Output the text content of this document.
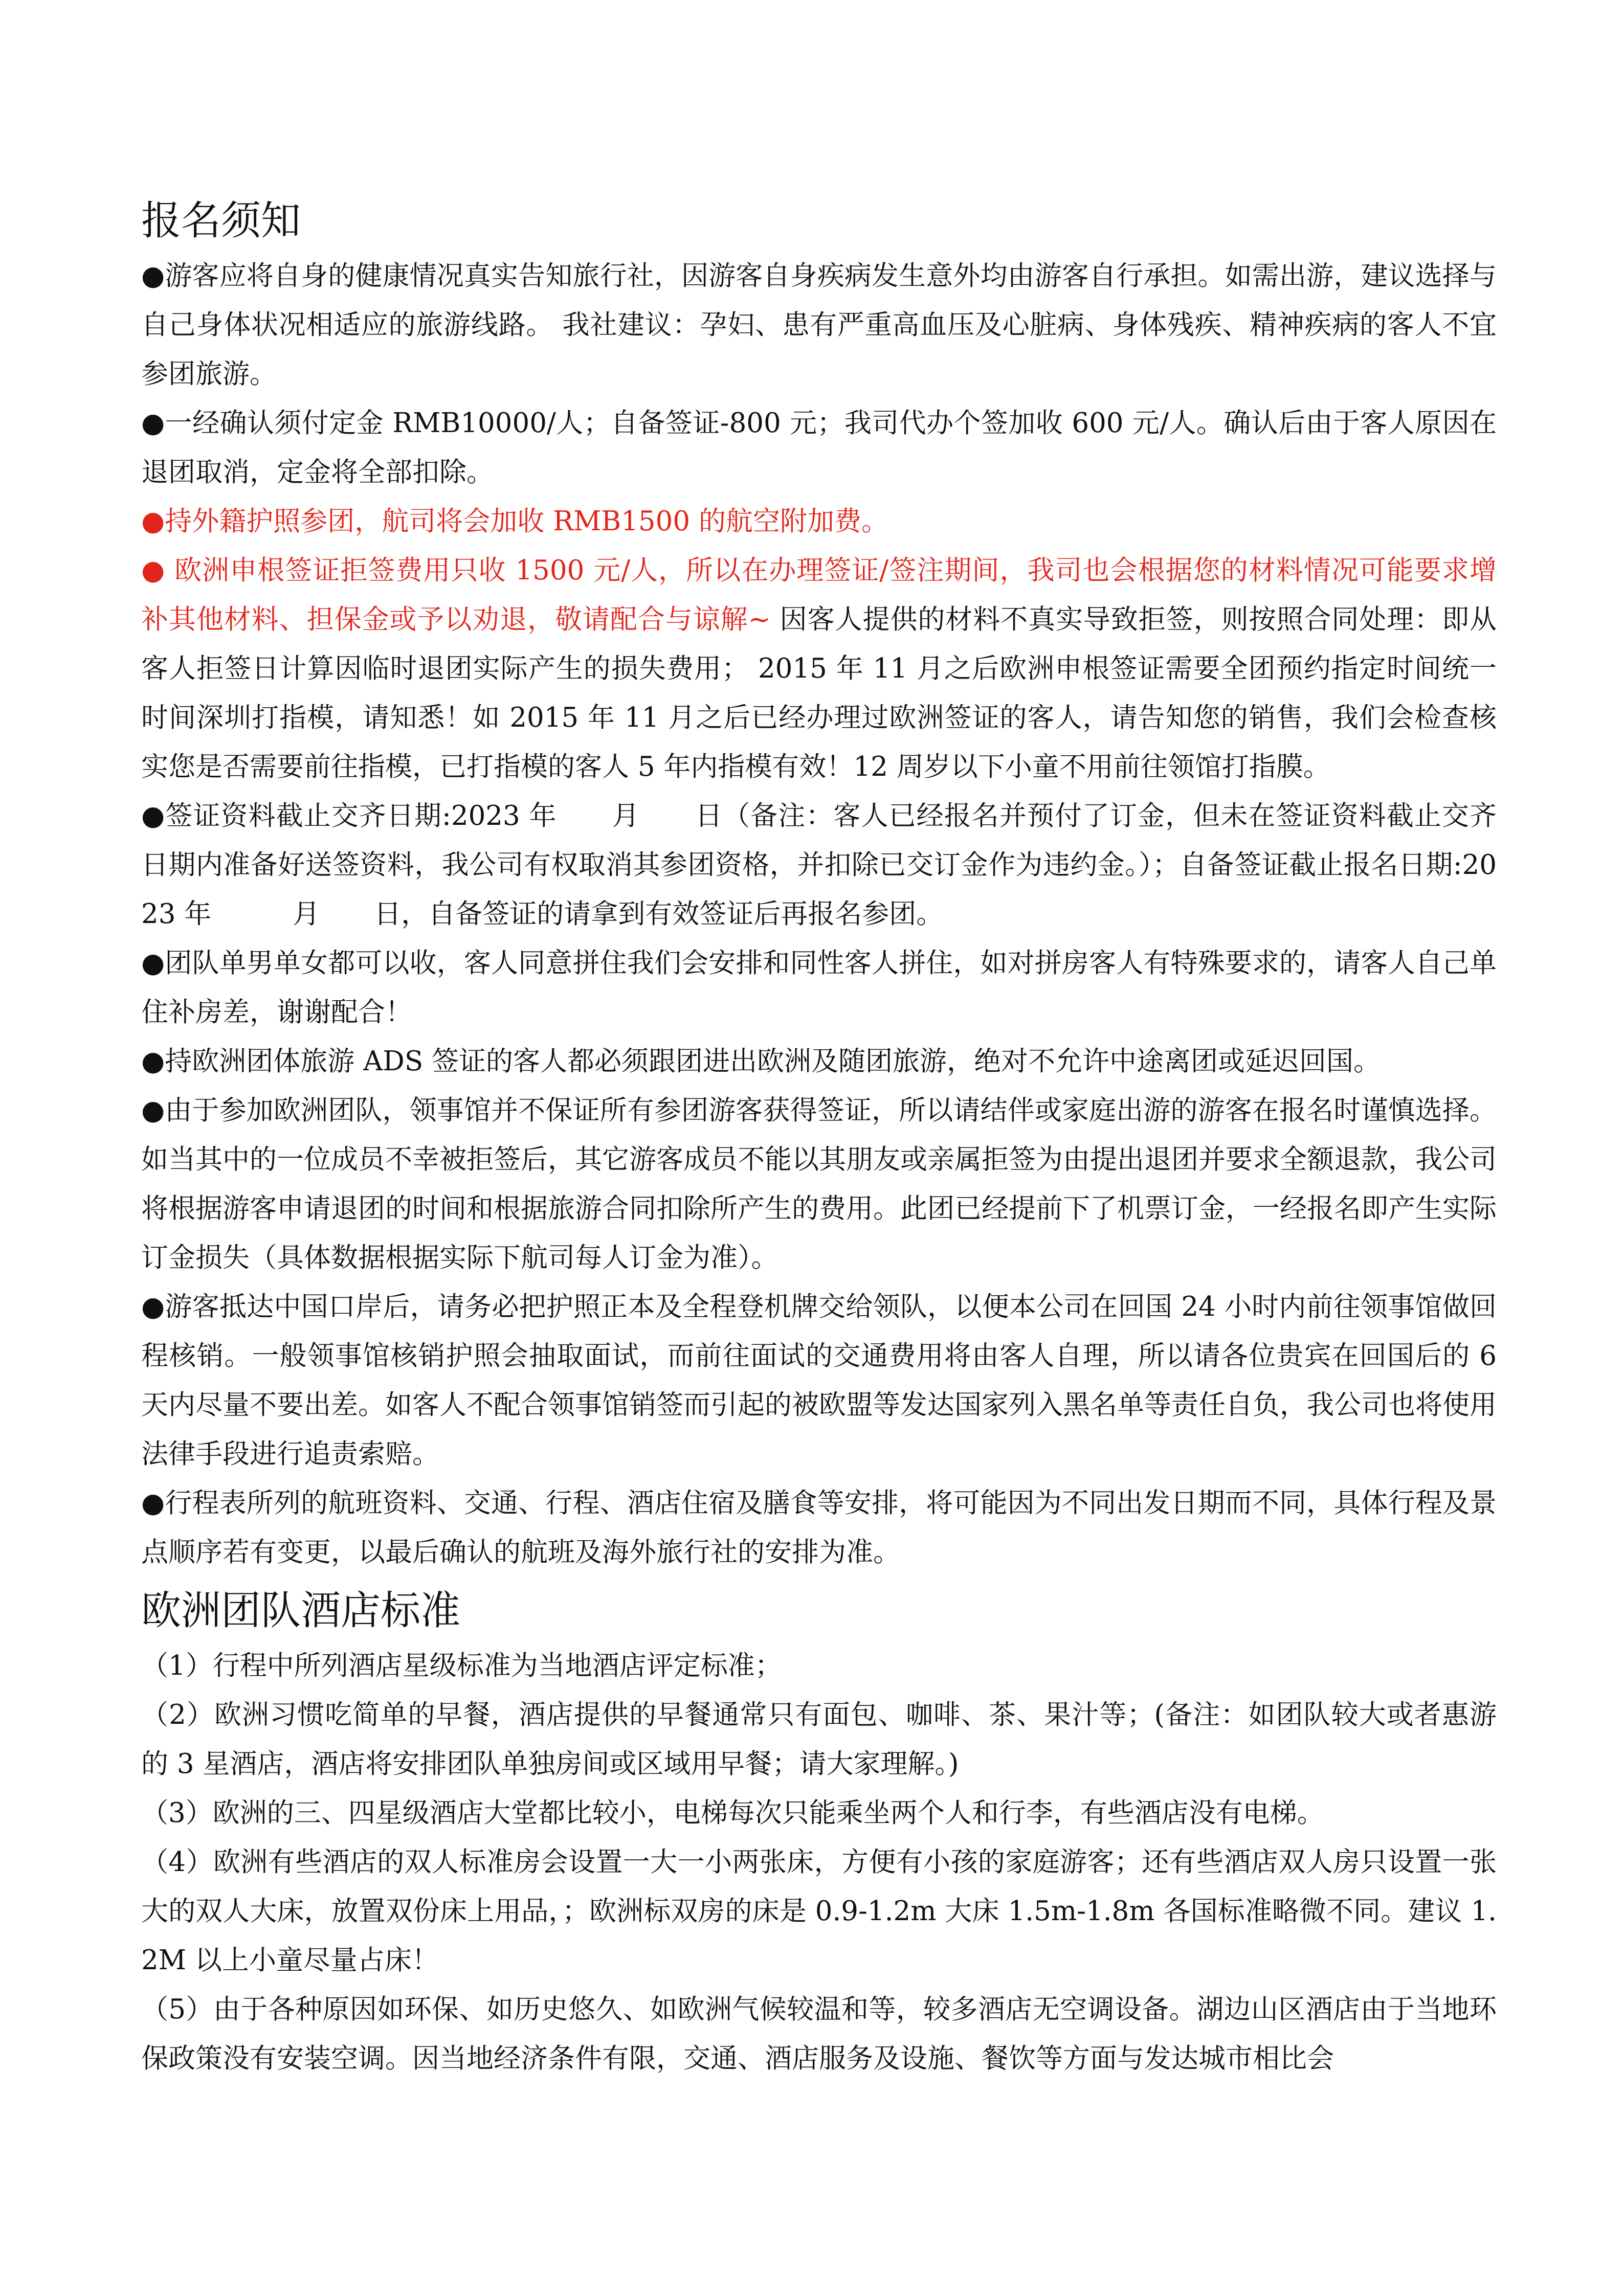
报名须知

●游客应将自身的健康情况真实告知旅行社，因游客自身疾病发生意外均由游客自行承担。如需出游，建议选择与自己身体状况相适应的旅游线路。 我社建议：孕妇、患有严重高血压及心脏病、身体残疾、精神疾病的客人不宜参团旅游。

●一经确认须付定金 RMB10000/人；自备签证-800 元；我司代办个签加收 600 元/人。确认后由于客人原因在退团取消，定金将全部扣除。

●持外籍护照参团，航司将会加收 RMB1500 的航空附加费。

● 欧洲申根签证拒签费用只收 1500 元/人，所以在办理签证/签注期间，我司也会根据您的材料情况可能要求增补其他材料、担保金或予以劝退，敬请配合与谅解~ 因客人提供的材料不真实导致拒签，则按照合同处理：即从客人拒签日计算因临时退团实际产生的损失费用； 2015 年 11 月之后欧洲申根签证需要全团预约指定时间统一时间深圳打指模，请知悉！如 2015 年 11 月之后已经办理过欧洲签证的客人，请告知您的销售，我们会检查核实您是否需要前往指模，已打指模的客人 5 年内指模有效！12 周岁以下小童不用前往领馆打指膜。

●签证资料截止交齐日期:2023 年　　月　　日（备注：客人已经报名并预付了订金，但未在签证资料截止交齐日期内准备好送签资料，我公司有权取消其参团资格，并扣除已交订金作为违约金。）；自备签证截止报名日期:2023 年　　　月　　日，自备签证的请拿到有效签证后再报名参团。

●团队单男单女都可以收，客人同意拼住我们会安排和同性客人拼住，如对拼房客人有特殊要求的，请客人自己单住补房差，谢谢配合！

●持欧洲团体旅游 ADS 签证的客人都必须跟团进出欧洲及随团旅游，绝对不允许中途离团或延迟回国。

●由于参加欧洲团队，领事馆并不保证所有参团游客获得签证，所以请结伴或家庭出游的游客在报名时谨慎选择。如当其中的一位成员不幸被拒签后，其它游客成员不能以其朋友或亲属拒签为由提出退团并要求全额退款，我公司将根据游客申请退团的时间和根据旅游合同扣除所产生的费用。此团已经提前下了机票订金，一经报名即产生实际订金损失（具体数据根据实际下航司每人订金为准）。

●游客抵达中国口岸后，请务必把护照正本及全程登机牌交给领队，以便本公司在回国 24 小时内前往领事馆做回程核销。一般领事馆核销护照会抽取面试，而前往面试的交通费用将由客人自理，所以请各位贵宾在回国后的 6 天内尽量不要出差。如客人不配合领事馆销签而引起的被欧盟等发达国家列入黑名单等责任自负，我公司也将使用法律手段进行追责索赔。

●行程表所列的航班资料、交通、行程、酒店住宿及膳食等安排，将可能因为不同出发日期而不同，具体行程及景点顺序若有变更，以最后确认的航班及海外旅行社的安排为准。

欧洲团队酒店标准

（1）行程中所列酒店星级标准为当地酒店评定标准；

（2）欧洲习惯吃简单的早餐，酒店提供的早餐通常只有面包、咖啡、茶、果汁等；(备注：如团队较大或者惠游的 3 星酒店，酒店将安排团队单独房间或区域用早餐；请大家理解。)

（3）欧洲的三、四星级酒店大堂都比较小，电梯每次只能乘坐两个人和行李，有些酒店没有电梯。

（4）欧洲有些酒店的双人标准房会设置一大一小两张床，方便有小孩的家庭游客；还有些酒店双人房只设置一张大的双人大床，放置双份床上用品，；欧洲标双房的床是 0.9-1.2m 大床 1.5m-1.8m 各国标准略微不同。建议 1.2M 以上小童尽量占床！

（5）由于各种原因如环保、如历史悠久、如欧洲气候较温和等，较多酒店无空调设备。湖边山区酒店由于当地环保政策没有安装空调。因当地经济条件有限，交通、酒店服务及设施、餐饮等方面与发达城市相比会
